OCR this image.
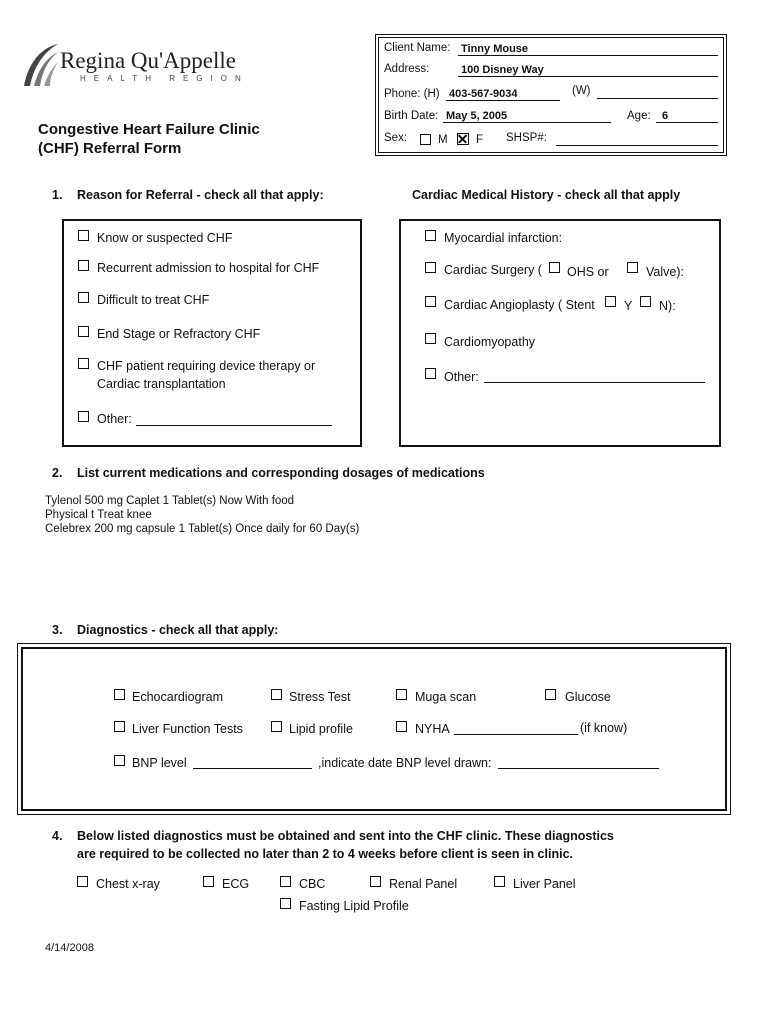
Regina Qu'Appelle
HEALTH REGION
Congestive Heart Failure Clinic
(CHF) Referral Form
Client Name: Tinny Mouse
Address:	100 Disney Way
Phone: (H) 403-567-9034	(W)
Birth Date: May 5, 2005	Age: 6
Sex:	M F SHSP#:
1. Reason for Referral - check all that apply:	Cardiac Medical History - check all that apply
Know or suspected CHF
Recurrent admission to hospital for CHF
Difficult to treat CHF
End Stage or Refractory CHF
CHF patient requiring device therapy or
Cardiac transplantation
Other:
Myocardial infarction:
Cardiac Surgery ( OHS or	Valve):
Cardiac Angioplasty ( Stent Y N):
Cardiomyopathy
Other:
2. List current medications and corresponding dosages of medications
Tylenol 500 mg Caplet 1 Tablet(s) Now With food
Physical t Treat knee
Celebrex 200 mg capsule 1 Tablet(s) Once daily for 60 Day(s)
3. Diagnostics - check all that apply:
Echocardiogram	Stress Test	Muga scan	Glucose
Liver Function Tests	Lipid profile	NYHA	(if know)
BNP level	,indicate date BNP level drawn:
4. Below listed diagnostics must be obtained and sent into the CHF clinic. These diagnostics
are required to be collected no later than 2 to 4 weeks before client is seen in clinic.
Chest x-ray	ECG	CBC	Renal Panel	Liver Panel
Fasting Lipid Profile
4/14/2008
